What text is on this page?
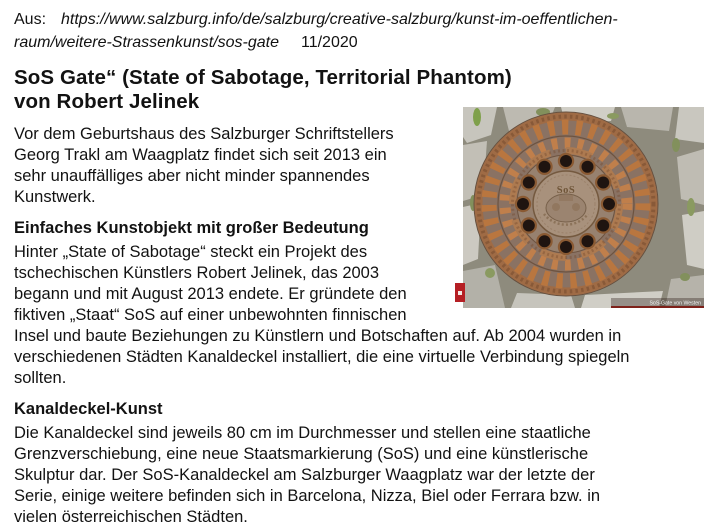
Aus: https://www.salzburg.info/de/salzburg/creative-salzburg/kunst-im-oeffentlichen-
raum/weitere-Strassenkunst/sos-gate 11/2020
SoS Gate“ (State of Sabotage, Territorial Phantom)
von Robert Jelinek
Vor dem Geburtshaus des Salzburger Schriftstellers
Georg Trakl am Waagplatz findet sich seit 2013 ein
sehr unauffälliges aber nicht minder spannendes
Kunstwerk.
Einfaches Kunstobjekt mit großer Bedeutung
Hinter „State of Sabotage“ steckt ein Projekt des
tschechischen Künstlers Robert Jelinek, das 2003
begann und mit August 2013 endete. Er gründete den
fiktiven „Staat“ SoS auf einer unbewohnten finnischen
Insel und baute Beziehungen zu Künstlern und Botschaften auf. Ab 2004 wurden in
verschiedenen Städten Kanaldeckel installiert, die eine virtuelle Verbindung spiegeln
sollten.
Kanaldeckel-Kunst
Die Kanaldeckel sind jeweils 80 cm im Durchmesser und stellen eine staatliche
Grenzverschiebung, eine neue Staatsmarkierung (SoS) und eine künstlerische
Skulptur dar. Der SoS-Kanaldeckel am Salzburger Waagplatz war der letzte der
Serie, einige weitere befinden sich in Barcelona, Nizza, Biel oder Ferrara bzw. in
vielen österreichischen Städten.
SoS
SoS-Gate von Westen
